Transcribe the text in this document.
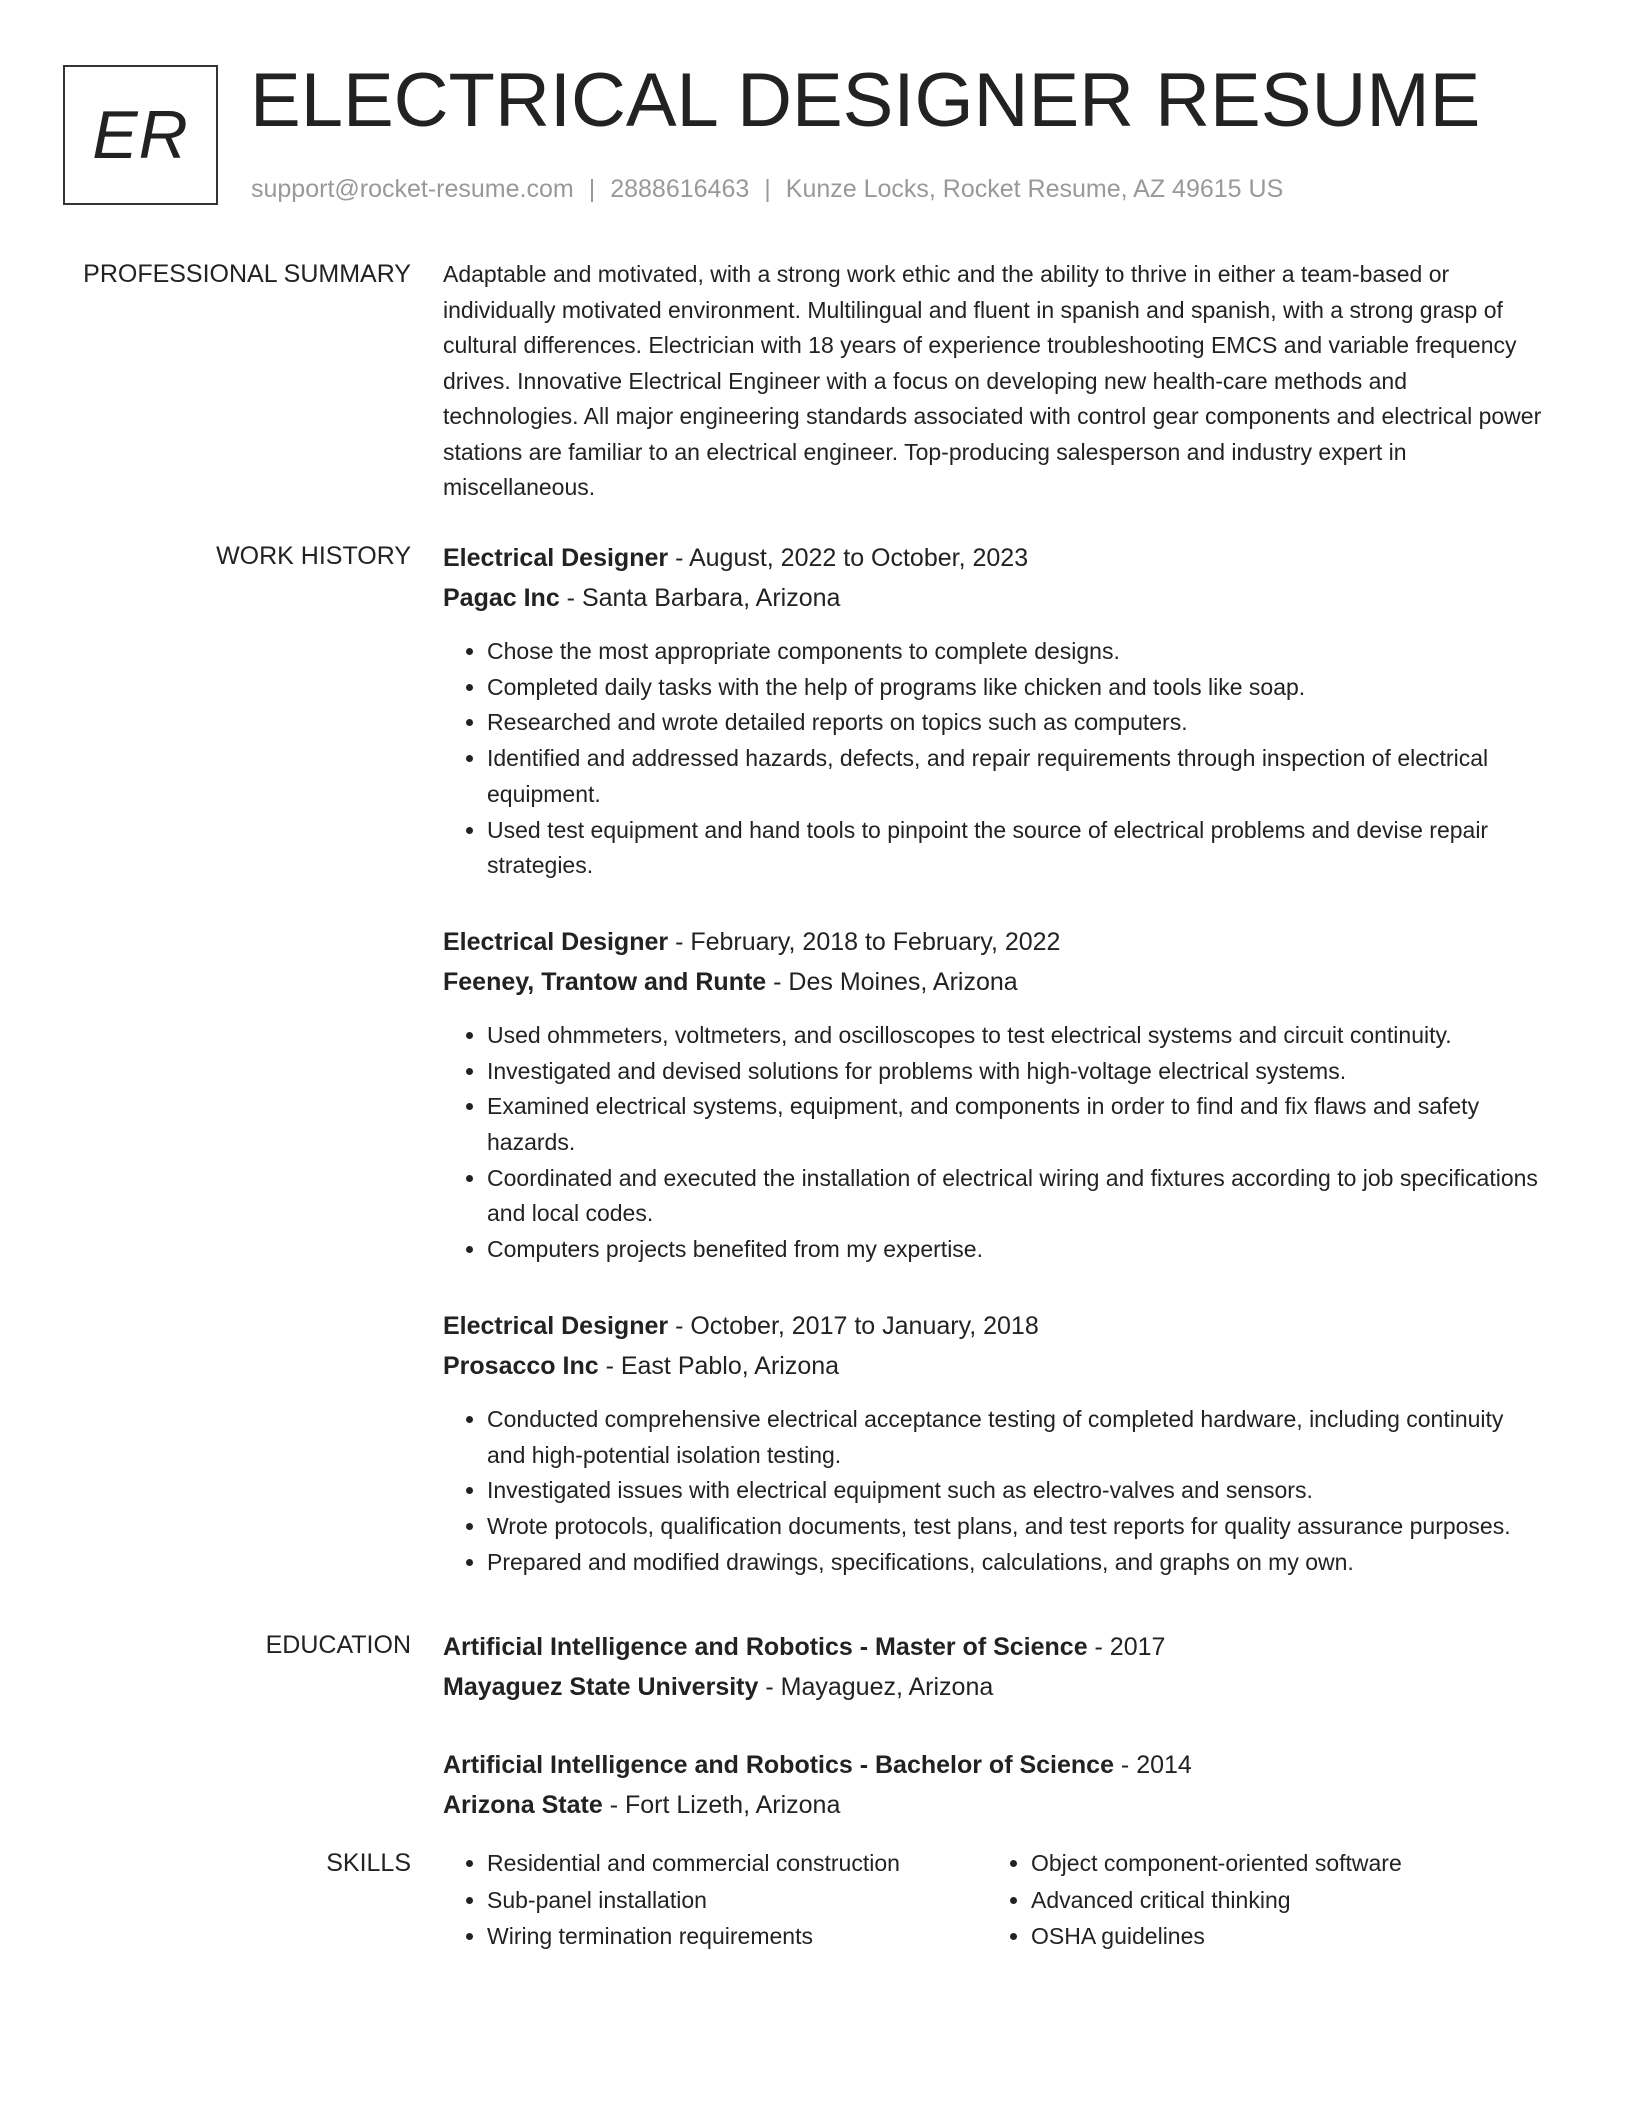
ER ELECTRICAL DESIGNER RESUME
support@rocket-resume.com | 2888616463 | Kunze Locks, Rocket Resume, AZ 49615 US
PROFESSIONAL SUMMARY Adaptable and motivated, with a strong work ethic and the ability to thrive in either a team-based or individually motivated environment. Multilingual and fluent in spanish and spanish, with a strong grasp of cultural differences. Electrician with 18 years of experience troubleshooting EMCS and variable frequency drives. Innovative Electrical Engineer with a focus on developing new health-care methods and technologies. All major engineering standards associated with control gear components and electrical power stations are familiar to an electrical engineer. Top-producing salesperson and industry expert in miscellaneous.

WORK HISTORY Electrical Designer - August, 2022 to October, 2023
Pagac Inc - Santa Barbara, Arizona
• Chose the most appropriate components to complete designs.
• Completed daily tasks with the help of programs like chicken and tools like soap.
• Researched and wrote detailed reports on topics such as computers.
• Identified and addressed hazards, defects, and repair requirements through inspection of electrical equipment.
• Used test equipment and hand tools to pinpoint the source of electrical problems and devise repair strategies.
Electrical Designer - February, 2018 to February, 2022
Feeney, Trantow and Runte - Des Moines, Arizona
• Used ohmmeters, voltmeters, and oscilloscopes to test electrical systems and circuit continuity.
• Investigated and devised solutions for problems with high-voltage electrical systems.
• Examined electrical systems, equipment, and components in order to find and fix flaws and safety hazards.
• Coordinated and executed the installation of electrical wiring and fixtures according to job specifications and local codes.
• Computers projects benefited from my expertise.
Electrical Designer - October, 2017 to January, 2018
Prosacco Inc - East Pablo, Arizona
• Conducted comprehensive electrical acceptance testing of completed hardware, including continuity and high-potential isolation testing.
• Investigated issues with electrical equipment such as electro-valves and sensors.
• Wrote protocols, qualification documents, test plans, and test reports for quality assurance purposes.
• Prepared and modified drawings, specifications, calculations, and graphs on my own.
EDUCATION Artificial Intelligence and Robotics - Master of Science - 2017
Mayaguez State University - Mayaguez, Arizona
Artificial Intelligence and Robotics - Bachelor of Science - 2014
Arizona State - Fort Lizeth, Arizona
SKILLS
•	Residential and commercial construction
• Sub-panel installation
• Wiring termination requirements
• Object component-oriented software
• Advanced critical thinking
• OSHA guidelines
